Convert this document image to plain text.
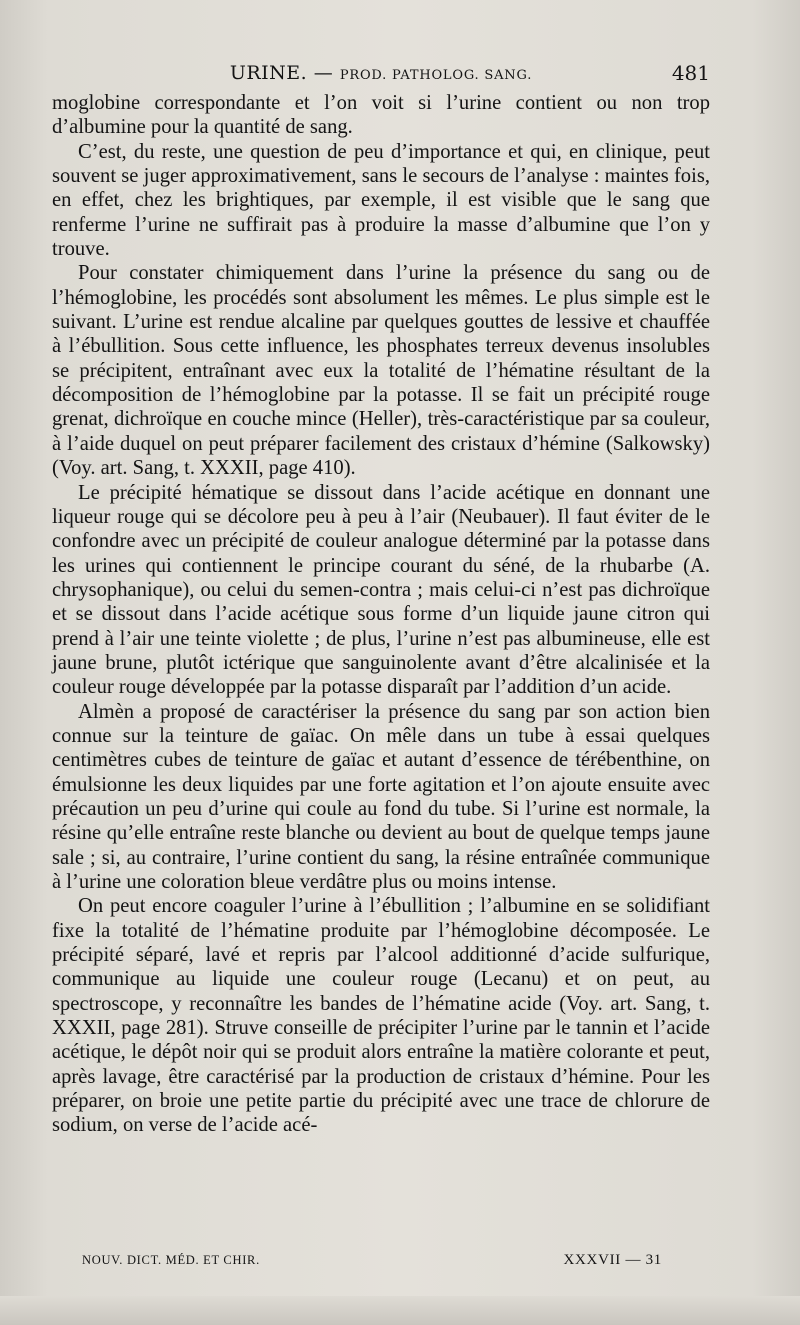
URINE. — PROD. PATHOLOG. SANG.	481

moglobine correspondante et l’on voit si l’urine contient ou non trop d’albumine pour la quantité de sang.

C’est, du reste, une question de peu d’importance et qui, en clinique, peut souvent se juger approximativement, sans le secours de l’analyse : maintes fois, en effet, chez les brightiques, par exemple, il est visible que le sang que renferme l’urine ne suffirait pas à produire la masse d’albumine que l’on y trouve.

Pour constater chimiquement dans l’urine la présence du sang ou de l’hémoglobine, les procédés sont absolument les mêmes. Le plus simple est le suivant. L’urine est rendue alcaline par quelques gouttes de lessive et chauffée à l’ébullition. Sous cette influence, les phosphates terreux devenus insolubles se précipitent, entraînant avec eux la totalité de l’hématine résultant de la décomposition de l’hémoglobine par la potasse. Il se fait un précipité rouge grenat, dichroïque en couche mince (Heller), très-caractéristique par sa couleur, à l’aide duquel on peut préparer facilement des cristaux d’hémine (Salkowsky) (Voy. art. Sang, t. XXXII, page 410).

Le précipité hématique se dissout dans l’acide acétique en donnant une liqueur rouge qui se décolore peu à peu à l’air (Neubauer). Il faut éviter de le confondre avec un précipité de couleur analogue déterminé par la potasse dans les urines qui contiennent le principe courant du séné, de la rhubarbe (A. chrysophanique), ou celui du semen-contra ; mais celui-ci n’est pas dichroïque et se dissout dans l’acide acétique sous forme d’un liquide jaune citron qui prend à l’air une teinte violette ; de plus, l’urine n’est pas albumineuse, elle est jaune brune, plutôt ictérique que sanguinolente avant d’être alcalinisée et la couleur rouge développée par la potasse disparaît par l’addition d’un acide.

Almèn a proposé de caractériser la présence du sang par son action bien connue sur la teinture de gaïac. On mêle dans un tube à essai quelques centimètres cubes de teinture de gaïac et autant d’essence de térébenthine, on émulsionne les deux liquides par une forte agitation et l’on ajoute ensuite avec précaution un peu d’urine qui coule au fond du tube. Si l’urine est normale, la résine qu’elle entraîne reste blanche ou devient au bout de quelque temps jaune sale ; si, au contraire, l’urine contient du sang, la résine entraînée communique à l’urine une coloration bleue verdâtre plus ou moins intense.

On peut encore coaguler l’urine à l’ébullition ; l’albumine en se solidifiant fixe la totalité de l’hématine produite par l’hémoglobine décomposée. Le précipité séparé, lavé et repris par l’alcool additionné d’acide sulfurique, communique au liquide une couleur rouge (Lecanu) et on peut, au spectroscope, y reconnaître les bandes de l’hématine acide (Voy. art. Sang, t. XXXII, page 281). Struve conseille de précipiter l’urine par le tannin et l’acide acétique, le dépôt noir qui se produit alors entraîne la matière colorante et peut, après lavage, être caractérisé par la production de cristaux d’hémine. Pour les préparer, on broie une petite partie du précipité avec une trace de chlorure de sodium, on verse de l’acide acé-

NOUV. DICT. MÉD. ET CHIR.	XXXVII — 31
